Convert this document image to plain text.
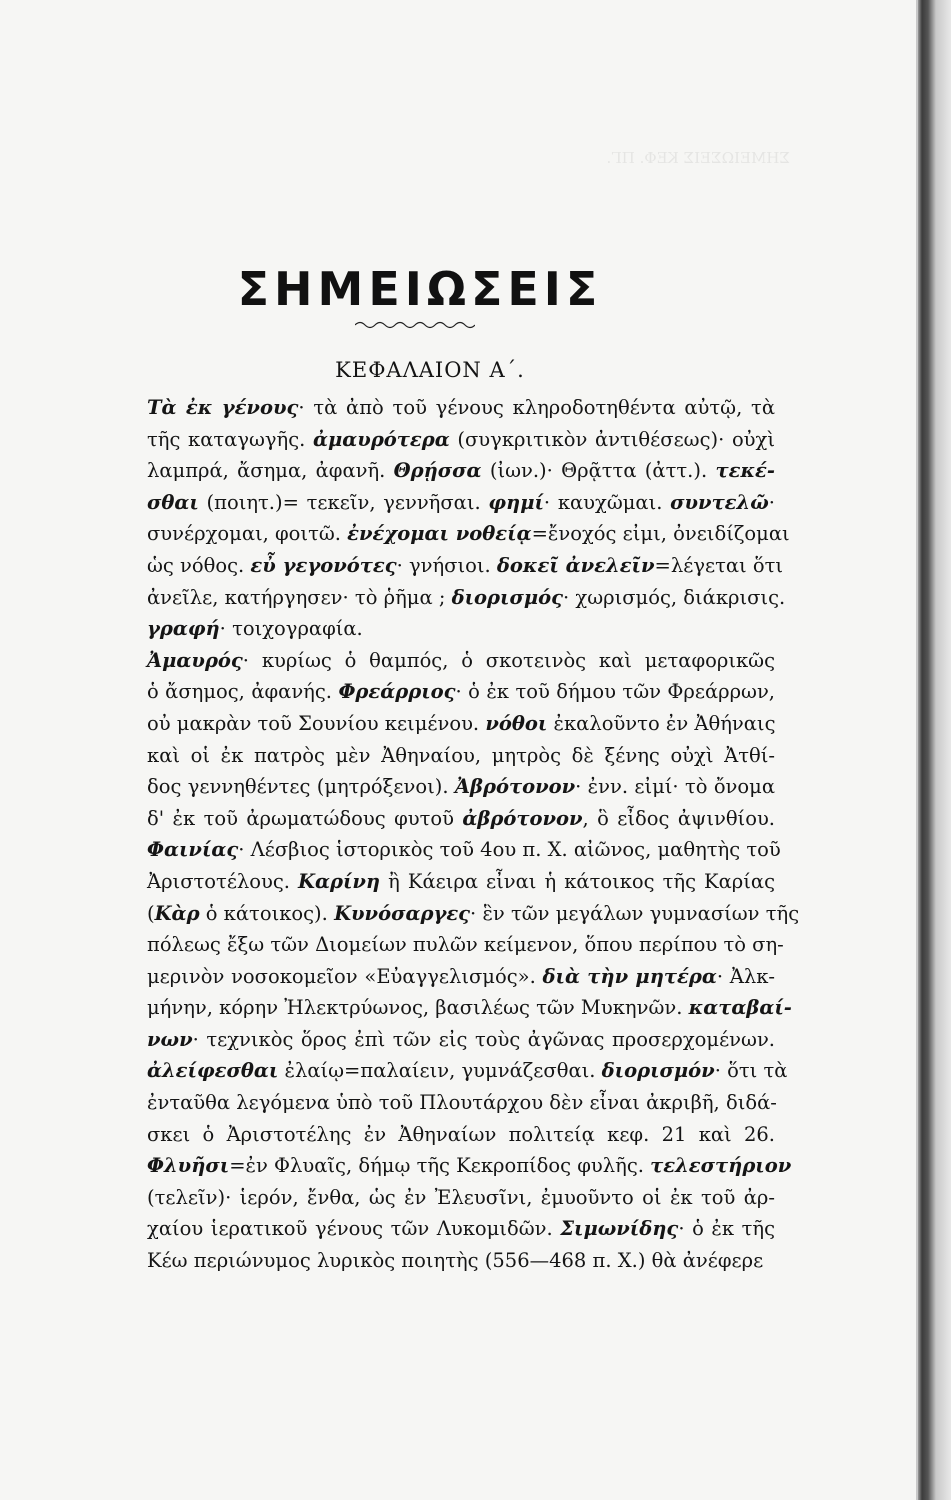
ΣΗΜΕΙΩΣΕΙΣ ΚΕΦ. ΠΓ.
ΣΗΜΕΙΩΣΕΙΣ
ΚΕΦΑΛΑΙΟΝ Α΄.

Τὰ ἐκ γένους· τὰ ἀπὸ τοῦ γένους κληροδοτηθέντα αὐτῷ, τὰ
τῆς καταγωγῆς. ἀμαυρότερα (συγκριτικὸν ἀντιθέσεως)· οὐχὶ
λαμπρά, ἄσημα, ἀφανῆ. Θρῄσσα (ἰων.)· Θρᾷττα (ἀττ.). τεκέ-
σθαι (ποιητ.)= τεκεῖν, γεννῆσαι. φημί· καυχῶμαι. συντελῶ·
συνέρχομαι, φοιτῶ. ἐνέχομαι νοθείᾳ=ἔνοχός εἰμι, ὀνειδίζομαι
ὡς νόθος. εὖ γεγονότες· γνήσιοι. δοκεῖ ἀνελεῖν=λέγεται ὅτι
ἀνεῖλε, κατήργησεν· τὸ ῥῆμα ; διορισμός· χωρισμός, διάκρισις.
γραφή· τοιχογραφία.

Ἀμαυρός· κυρίως ὁ θαμπός, ὁ σκοτεινὸς καὶ μεταφορικῶς
ὁ ἄσημος, ἀφανής. Φρεάρριος· ὁ ἐκ τοῦ δήμου τῶν Φρεάρρων,
οὐ μακρὰν τοῦ Σουνίου κειμένου. νόθοι ἐκαλοῦντο ἐν Ἀθήναις
καὶ οἱ ἐκ πατρὸς μὲν Ἀθηναίου, μητρὸς δὲ ξένης οὐχὶ Ἀτθί-
δος γεννηθέντες (μητρόξενοι). Ἀβρότονον· ἐνν. εἰμί· τὸ ὄνομα
δ' ἐκ τοῦ ἀρωματώδους φυτοῦ ἀβρότονον, ὃ εἶδος ἀψινθίου.
Φαινίας· Λέσβιος ἱστορικὸς τοῦ 4ου π. Χ. αἰῶνος, μαθητὴς τοῦ
Ἀριστοτέλους. Καρίνη ἢ Κάειρα εἶναι ἡ κάτοικος τῆς Καρίας
(Κὰρ ὁ κάτοικος). Κυνόσαργες· ἓν τῶν μεγάλων γυμνασίων τῆς
πόλεως ἔξω τῶν Διομείων πυλῶν κείμενον, ὅπου περίπου τὸ ση-
μερινὸν νοσοκομεῖον «Εὐαγγελισμός». διὰ τὴν μητέρα· Ἀλκ-
μήνην, κόρην Ἠλεκτρύωνος, βασιλέως τῶν Μυκηνῶν. καταβαί-
νων· τεχνικὸς ὅρος ἐπὶ τῶν εἰς τοὺς ἀγῶνας προσερχομένων.
ἀλείφεσθαι ἐλαίῳ=παλαίειν, γυμνάζεσθαι. διορισμόν· ὅτι τὰ
ἐνταῦθα λεγόμενα ὑπὸ τοῦ Πλουτάρχου δὲν εἶναι ἀκριβῆ, διδά-
σκει ὁ Ἀριστοτέλης ἐν Ἀθηναίων πολιτείᾳ κεφ. 21 καὶ 26.
Φλυῆσι=ἐν Φλυαῖς, δήμῳ τῆς Κεκροπίδος φυλῆς. τελεστήριον
(τελεῖν)· ἱερόν, ἔνθα, ὡς ἐν Ἐλευσῖνι, ἐμυοῦντο οἱ ἐκ τοῦ ἀρ-
χαίου ἱερατικοῦ γένους τῶν Λυκομιδῶν. Σιμωνίδης· ὁ ἐκ τῆς
Κέω περιώνυμος λυρικὸς ποιητὴς (556—468 π. Χ.) θὰ ἀνέφερε
